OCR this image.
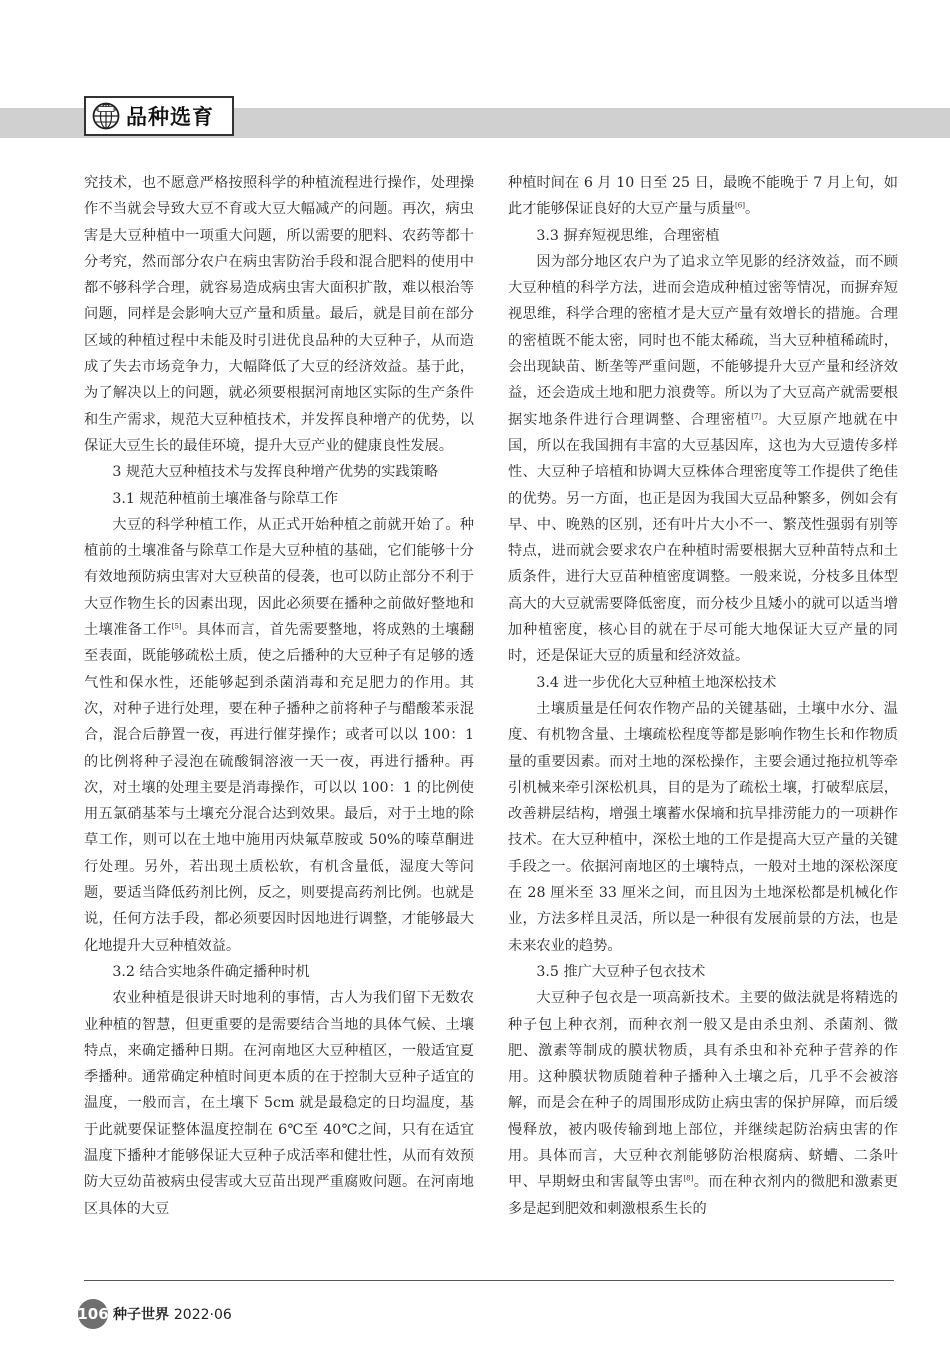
品种选育

究技术，也不愿意严格按照科学的种植流程进行操作，处理操作不当就会导致大豆不育或大豆大幅减产的问题。再次，病虫害是大豆种植中一项重大问题，所以需要的肥料、农药等都十分考究，然而部分农户在病虫害防治手段和混合肥料的使用中都不够科学合理，就容易造成病虫害大面积扩散，难以根治等问题，同样是会影响大豆产量和质量。最后，就是目前在部分区域的种植过程中未能及时引进优良品种的大豆种子，从而造成了失去市场竞争力，大幅降低了大豆的经济效益。基于此，为了解决以上的问题，就必须要根据河南地区实际的生产条件和生产需求，规范大豆种植技术，并发挥良种增产的优势，以保证大豆生长的最佳环境，提升大豆产业的健康良性发展。

3 规范大豆种植技术与发挥良种增产优势的实践策略

3.1 规范种植前土壤准备与除草工作

大豆的科学种植工作，从正式开始种植之前就开始了。种植前的土壤准备与除草工作是大豆种植的基础，它们能够十分有效地预防病虫害对大豆秧苗的侵袭，也可以防止部分不利于大豆作物生长的因素出现，因此必须要在播种之前做好整地和土壤准备工作[5]。具体而言，首先需要整地，将成熟的土壤翻至表面，既能够疏松土质，使之后播种的大豆种子有足够的透气性和保水性，还能够起到杀菌消毒和充足肥力的作用。其次，对种子进行处理，要在种子播种之前将种子与醋酸苯汞混合，混合后静置一夜，再进行催芽操作；或者可以以 100：1 的比例将种子浸泡在硫酸铜溶液一天一夜，再进行播种。再次，对土壤的处理主要是消毒操作，可以以 100：1 的比例使用五氯硝基苯与土壤充分混合达到效果。最后，对于土地的除草工作，则可以在土地中施用丙炔氟草胺或 50%的嗪草酮进行处理。另外，若出现土质松软，有机含量低，湿度大等问题，要适当降低药剂比例，反之，则要提高药剂比例。也就是说，任何方法手段，都必须要因时因地进行调整，才能够最大化地提升大豆种植效益。

3.2 结合实地条件确定播种时机

农业种植是很讲天时地利的事情，古人为我们留下无数农业种植的智慧，但更重要的是需要结合当地的具体气候、土壤特点，来确定播种日期。在河南地区大豆种植区，一般适宜夏季播种。通常确定种植时间更本质的在于控制大豆种子适宜的温度，一般而言，在土壤下 5cm 就是最稳定的日均温度，基于此就要保证整体温度控制在 6℃至 40℃之间，只有在适宜温度下播种才能够保证大豆种子成活率和健壮性，从而有效预防大豆幼苗被病虫侵害或大豆苗出现严重腐败问题。在河南地区具体的大豆

种植时间在 6 月 10 日至 25 日，最晚不能晚于 7 月上旬，如此才能够保证良好的大豆产量与质量[6]。

3.3 摒弃短视思维，合理密植

因为部分地区农户为了追求立竿见影的经济效益，而不顾大豆种植的科学方法，进而会造成种植过密等情况，而摒弃短视思维，科学合理的密植才是大豆产量有效增长的措施。合理的密植既不能太密，同时也不能太稀疏，当大豆种植稀疏时，会出现缺苗、断垄等严重问题，不能够提升大豆产量和经济效益，还会造成土地和肥力浪费等。所以为了大豆高产就需要根据实地条件进行合理调整、合理密植[7]。大豆原产地就在中国，所以在我国拥有丰富的大豆基因库，这也为大豆遗传多样性、大豆种子培植和协调大豆株体合理密度等工作提供了绝佳的优势。另一方面，也正是因为我国大豆品种繁多，例如会有早、中、晚熟的区别，还有叶片大小不一、繁茂性强弱有别等特点，进而就会要求农户在种植时需要根据大豆种苗特点和土质条件，进行大豆苗种植密度调整。一般来说，分枝多且体型高大的大豆就需要降低密度，而分枝少且矮小的就可以适当增加种植密度，核心目的就在于尽可能大地保证大豆产量的同时，还是保证大豆的质量和经济效益。

3.4 进一步优化大豆种植土地深松技术

土壤质量是任何农作物产品的关键基础，土壤中水分、温度、有机物含量、土壤疏松程度等都是影响作物生长和作物质量的重要因素。而对土地的深松操作，主要会通过拖拉机等牵引机械来牵引深松机具，目的是为了疏松土壤，打破犁底层，改善耕层结构，增强土壤蓄水保墒和抗旱排涝能力的一项耕作技术。在大豆种植中，深松土地的工作是提高大豆产量的关键手段之一。依据河南地区的土壤特点，一般对土地的深松深度在 28 厘米至 33 厘米之间，而且因为土地深松都是机械化作业，方法多样且灵活，所以是一种很有发展前景的方法，也是未来农业的趋势。

3.5 推广大豆种子包衣技术

大豆种子包衣是一项高新技术。主要的做法就是将精选的种子包上种衣剂，而种衣剂一般又是由杀虫剂、杀菌剂、微肥、激素等制成的膜状物质，具有杀虫和补充种子营养的作用。这种膜状物质随着种子播种入土壤之后，几乎不会被溶解，而是会在种子的周围形成防止病虫害的保护屏障，而后缓慢释放，被内吸传输到地上部位，并继续起防治病虫害的作用。具体而言，大豆种衣剂能够防治根腐病、蛴螬、二条叶甲、早期蚜虫和害鼠等虫害[8]。而在种衣剂内的微肥和激素更多是起到肥效和刺激根系生长的

106 种子世界 2022·06
